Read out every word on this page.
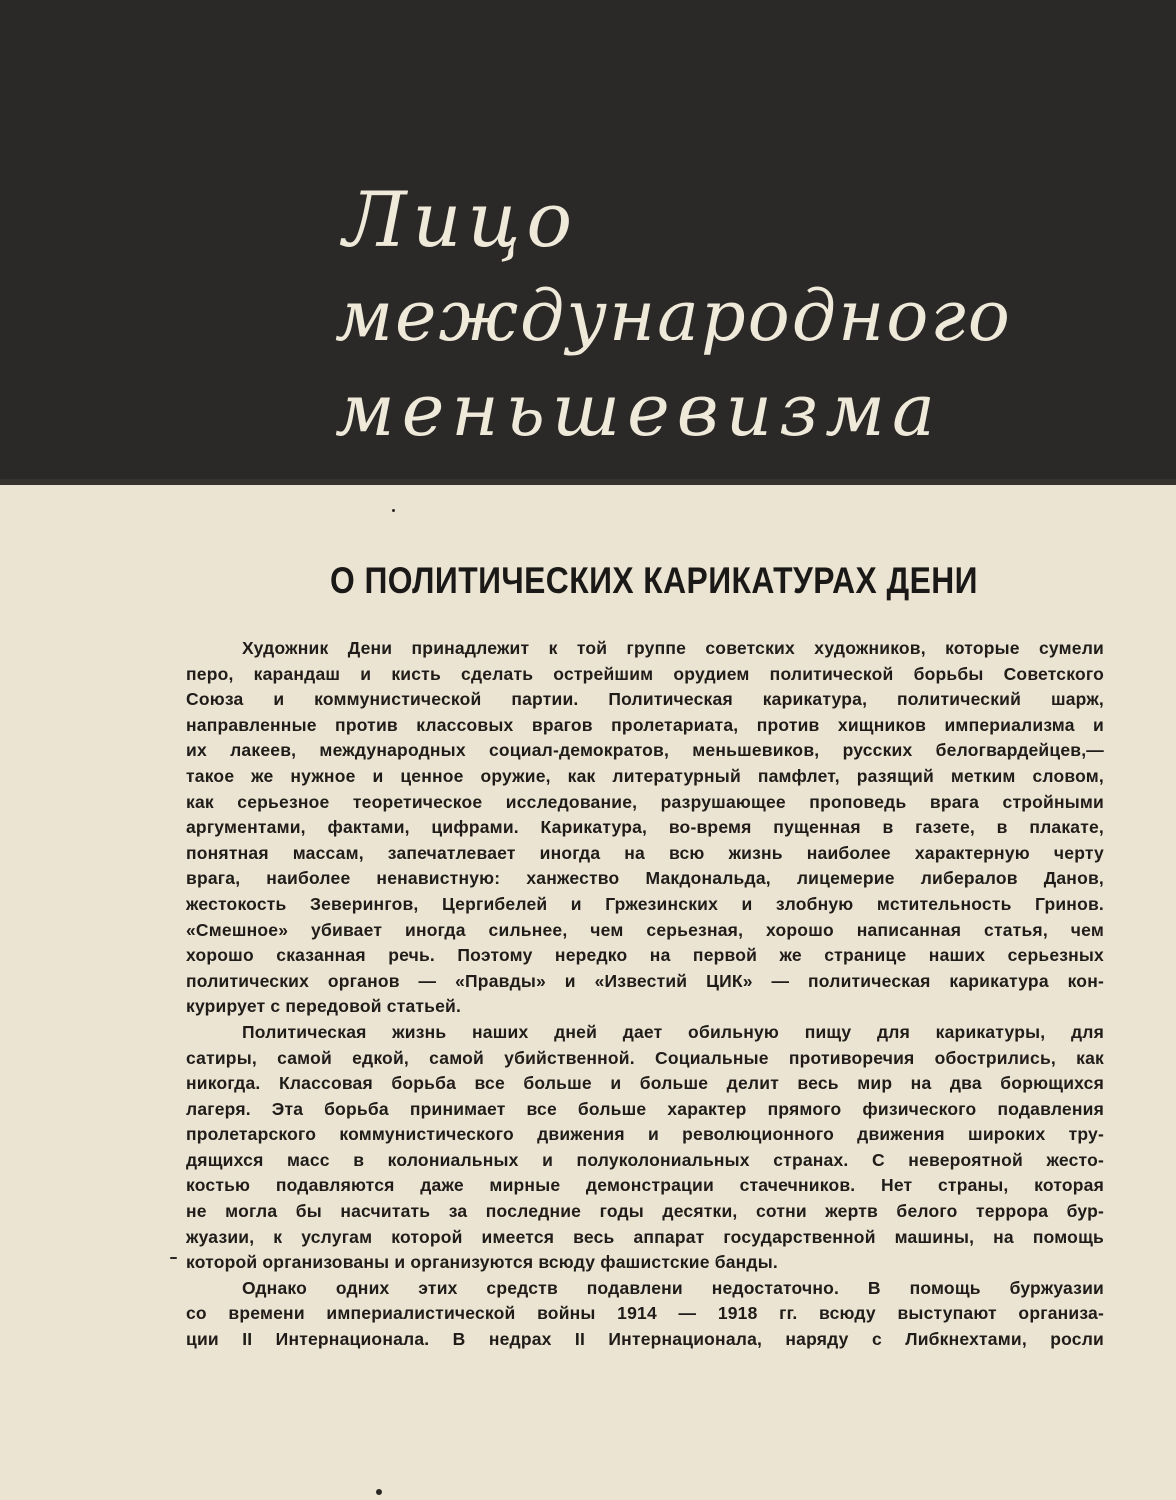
Лицо
международного
меньшевизма
О ПОЛИТИЧЕСКИХ КАРИКАТУРАХ ДЕНИ
Художник Дени принадлежит к той группе советских художников, которые сумели
перо, карандаш и кисть сделать острейшим орудием политической борьбы Советского
Союза и коммунистической партии. Политическая карикатура, политический шарж,
направленные против классовых врагов пролетариата, против хищников империализма и
их лакеев, международных социал-демократов, меньшевиков, русских белогвардейцев,—
такое же нужное и ценное оружие, как литературный памфлет, разящий метким словом,
как серьезное теоретическое исследование, разрушающее проповедь врага стройными
аргументами, фактами, цифрами. Карикатура, во-время пущенная в газете, в плакате,
понятная массам, запечатлевает иногда на всю жизнь наиболее характерную черту
врага, наиболее ненавистную: ханжество Макдональда, лицемерие либералов Данов,
жестокость Зеверингов, Цергибелей и Гржезинских и злобную мстительность Гринов.
«Смешное» убивает иногда сильнее, чем серьезная, хорошо написанная статья, чем
хорошо сказанная речь. Поэтому нередко на первой же странице наших серьезных
политических органов — «Правды» и «Известий ЦИК» — политическая карикатура кон-
курирует с передовой статьей.
Политическая жизнь наших дней дает обильную пищу для карикатуры, для
сатиры, самой едкой, самой убийственной. Социальные противоречия обострились, как
никогда. Классовая борьба все больше и больше делит весь мир на два борющихся
лагеря. Эта борьба принимает все больше характер прямого физического подавления
пролетарского коммунистического движения и революционного движения широких тру-
дящихся масс в колониальных и полуколониальных странах. С невероятной жесто-
костью подавляются даже мирные демонстрации стачечников. Нет страны, которая
не могла бы насчитать за последние годы десятки, сотни жертв белого террора бур-
жуазии, к услугам которой имеется весь аппарат государственной машины, на помощь
которой организованы и организуются всюду фашистские банды.
Однако одних этих средств подавлени недостаточно. В помощь буржуазии
со времени империалистической войны 1914 — 1918 гг. всюду выступают организа-
ции II Интернационала. В недрах II Интернационала, наряду с Либкнехтами, росли
